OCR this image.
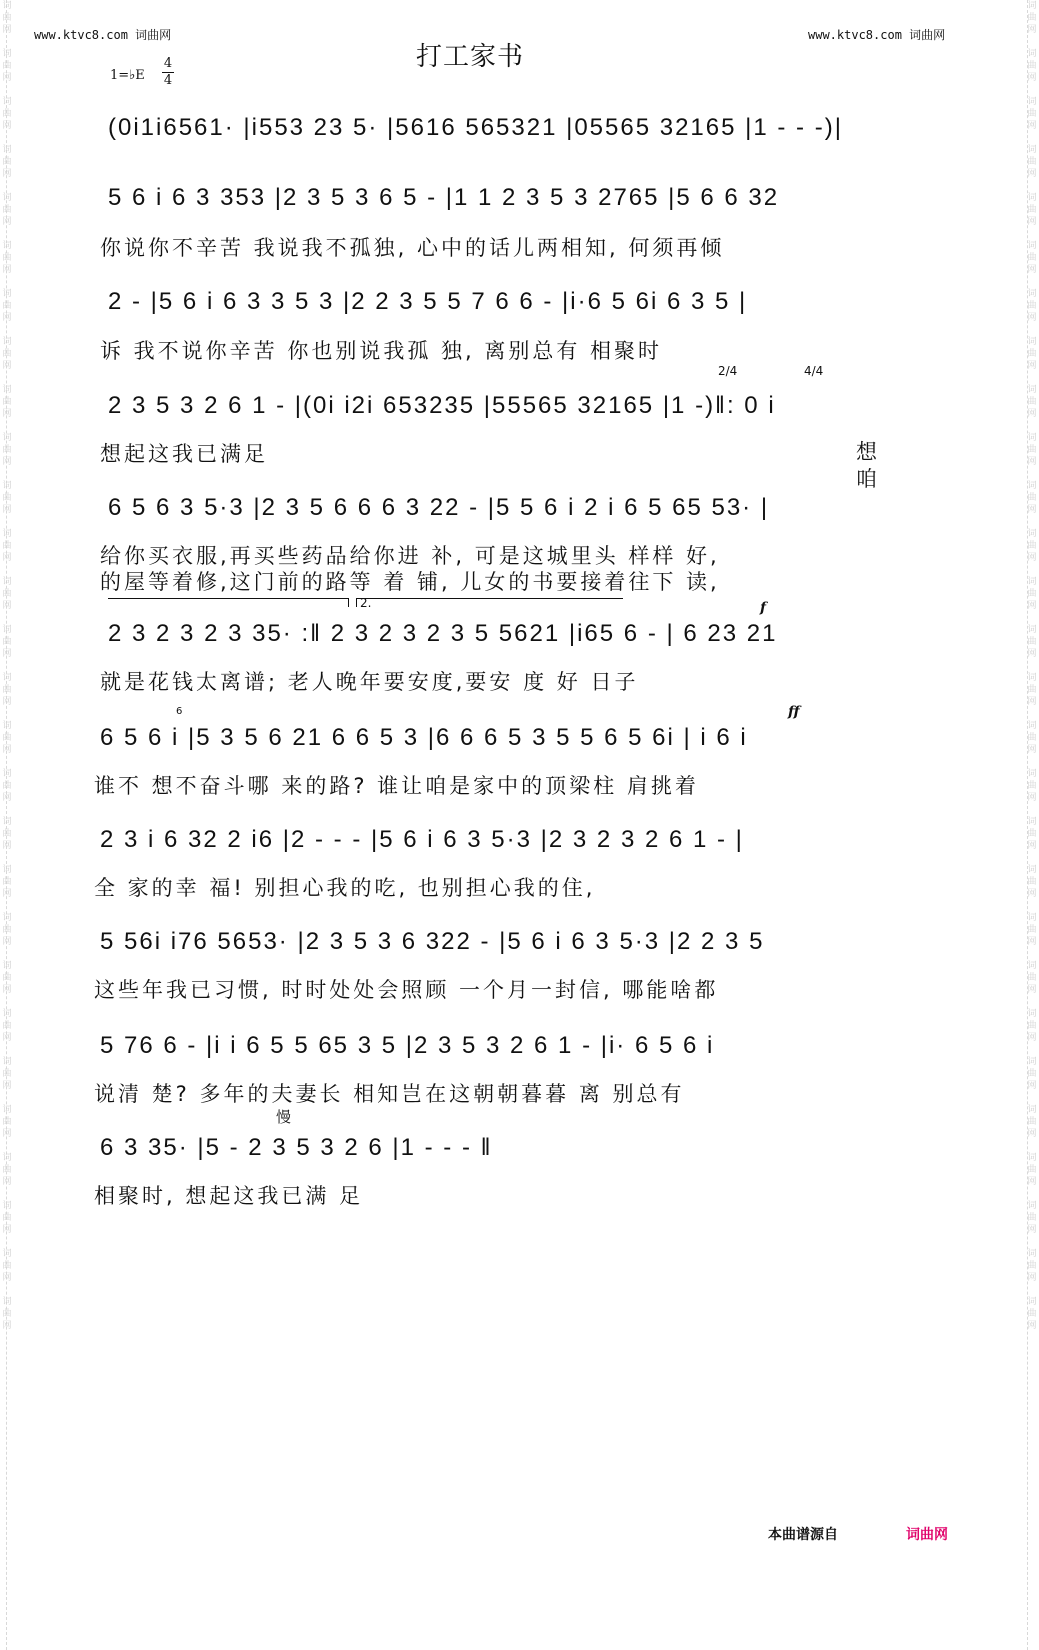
词曲网
词曲网
词曲网
词曲网
词曲网
词曲网
词曲网
词曲网
词曲网
词曲网
词曲网
词曲网
词曲网
词曲网
词曲网
词曲网
词曲网
词曲网
词曲网
词曲网
词曲网
词曲网
词曲网
词曲网
词曲网
词曲网
词曲网
词曲网
词曲网
词曲网
词曲网
词曲网
词曲网
词曲网
词曲网
词曲网
词曲网
词曲网
词曲网
词曲网
词曲网
词曲网
词曲网
词曲网
词曲网
词曲网
词曲网
词曲网
词曲网
词曲网
词曲网
词曲网
词曲网
词曲网
词曲网
词曲网
www.ktvc8.com 词曲网	www.ktvc8.com 词曲网
打工家书
1=♭E
4
4
(0i1i6561· |i553 23 5· |5616 565321 |05565 32165 |1 - - -)|
5 6 i 6 3 353 |2 3 5 3 6 5 - |1 1 2 3 5 3 2765 |5 6 6 32
你说你不辛苦 我说我不孤独, 心中的话儿两相知, 何须再倾
2 - |5 6 i 6 3 3 5 3 |2 2 3 5 5 7 6 6 - |i·6 5 6i 6 3 5 |
诉 我不说你辛苦 你也别说我孤 独, 离别总有 相聚时
2/4	4/4
2 3 5 3 2 6 1 - |(0i i2i 653235 |55565 32165 |1 -)‖: 0 i
想起这我已满足	想
咱
6 5 6 3 5·3 |2 3 5 6 6 6 3 22 - |5 5 6 i 2 i 6 5 65 53· |
给你买衣服,再买些药品给你进 补, 可是这城里头 样样 好,
的屋等着修,这门前的路等 着 铺, 儿女的书要接着往下 读,
2.	f
2 3 2 3 2 3 35· :‖ 2 3 2 3 2 3 5 5621 |i65 6 - | 6 23 21
就是花钱太离谱; 老人晚年要安度,要安 度 好 日子
6	ff
6 5 6 i |5 3 5 6 21 6 6 5 3 |6 6 6 5 3 5 5 6 5 6i | i 6 i
谁不 想不奋斗哪 来的路? 谁让咱是家中的顶梁柱 肩挑着
2 3 i 6 32 2 i6 |2 - - - |5 6 i 6 3 5·3 |2 3 2 3 2 6 1 - |
全 家的幸 福! 别担心我的吃, 也别担心我的住,
5 56i i76 5653· |2 3 5 3 6 322 - |5 6 i 6 3 5·3 |2 2 3 5
这些年我已习惯, 时时处处会照顾 一个月一封信, 哪能啥都
5 76 6 - |i i 6 5 5 65 3 5 |2 3 5 3 2 6 1 - |i· 6 5 6 i
说清 楚? 多年的夫妻长 相知岂在这朝朝暮暮 离 别总有
慢
6 3 35· |5 - 2 3 5 3 2 6 |1 - - - ‖
相聚时, 想起这我已满 足
本曲谱源自	词曲网
